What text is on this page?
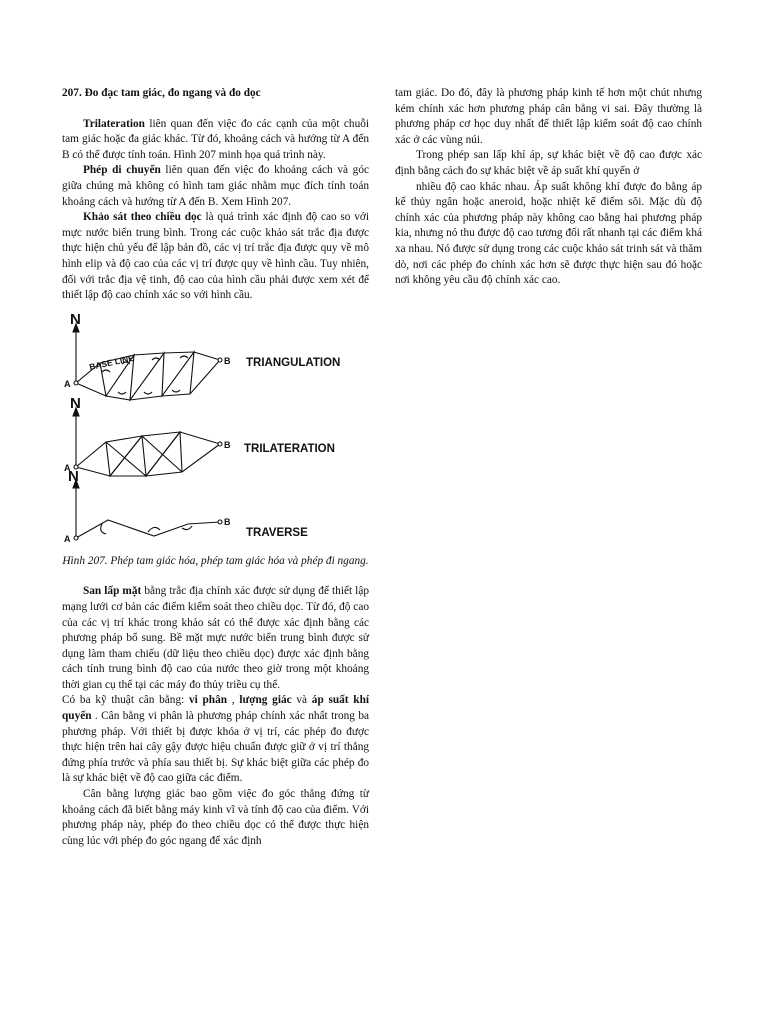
207. Đo đạc tam giác, đo ngang và đo dọc

Trilateration liên quan đến việc đo các cạnh của một chuỗi tam giác hoặc đa giác khác. Từ đó, khoảng cách và hướng từ A đến B có thể được tính toán. Hình 207 minh họa quá trình này.

Phép di chuyển liên quan đến việc đo khoảng cách và góc giữa chúng mà không có hình tam giác nhằm mục đích tính toán khoảng cách và hướng từ A đến B. Xem Hình 207.

Khảo sát theo chiều dọc là quá trình xác định độ cao so với mực nước biển trung bình. Trong các cuộc khảo sát trắc địa được thực hiện chủ yếu để lập bản đồ, các vị trí trắc địa được quy về mô hình elip và độ cao của các vị trí được quy về hình cầu. Tuy nhiên, đối với trắc địa vệ tinh, độ cao của hình cầu phải được xem xét để thiết lập độ cao chính xác so với hình cầu.

N
A
B
BASE LINE	TRIANGULATION
N
A
B TRILATERATION
N
A
B
TRAVERSE

Hình 207. Phép tam giác hóa, phép tam giác hóa và phép đi ngang.

San lấp mặt bằng trắc địa chính xác được sử dụng để thiết lập mạng lưới cơ bản các điểm kiểm soát theo chiều dọc. Từ đó, độ cao của các vị trí khác trong khảo sát có thể được xác định bằng các phương pháp bổ sung. Bề mặt mực nước biển trung bình được sử dụng làm tham chiếu (dữ liệu theo chiều dọc) được xác định bằng cách tính trung bình độ cao của nước theo giờ trong một khoảng thời gian cụ thể tại các máy đo thủy triều cụ thể.

Có ba kỹ thuật cân bằng: vi phân , lượng giác và áp suất khí quyển . Cân bằng vi phân là phương pháp chính xác nhất trong ba phương pháp. Với thiết bị được khóa ở vị trí, các phép đo được thực hiện trên hai cây gậy được hiệu chuẩn được giữ ở vị trí thẳng đứng phía trước và phía sau thiết bị. Sự khác biệt giữa các phép đo là sự khác biệt về độ cao giữa các điểm.

Cân bằng lượng giác bao gồm việc đo góc thẳng đứng từ khoảng cách đã biết bằng máy kinh vĩ và tính độ cao của điểm. Với phương pháp này, phép đo theo chiều dọc có thể được thực hiện cùng lúc với phép đo góc ngang để xác định

tam giác. Do đó, đây là phương pháp kinh tế hơn một chút nhưng kém chính xác hơn phương pháp cân bằng vi sai. Đây thường là phương pháp cơ học duy nhất để thiết lập kiểm soát độ cao chính xác ở các vùng núi.

Trong phép san lấp khí áp, sự khác biệt về độ cao được xác định bằng cách đo sự khác biệt về áp suất khí quyển ở

nhiều độ cao khác nhau. Áp suất không khí được đo bằng áp kế thủy ngân hoặc aneroid, hoặc nhiệt kế điểm sôi. Mặc dù độ chính xác của phương pháp này không cao bằng hai phương pháp kia, nhưng nó thu được độ cao tương đối rất nhanh tại các điểm khá xa nhau. Nó được sử dụng trong các cuộc khảo sát trinh sát và thăm dò, nơi các phép đo chính xác hơn sẽ được thực hiện sau đó hoặc nơi không yêu cầu độ chính xác cao.
